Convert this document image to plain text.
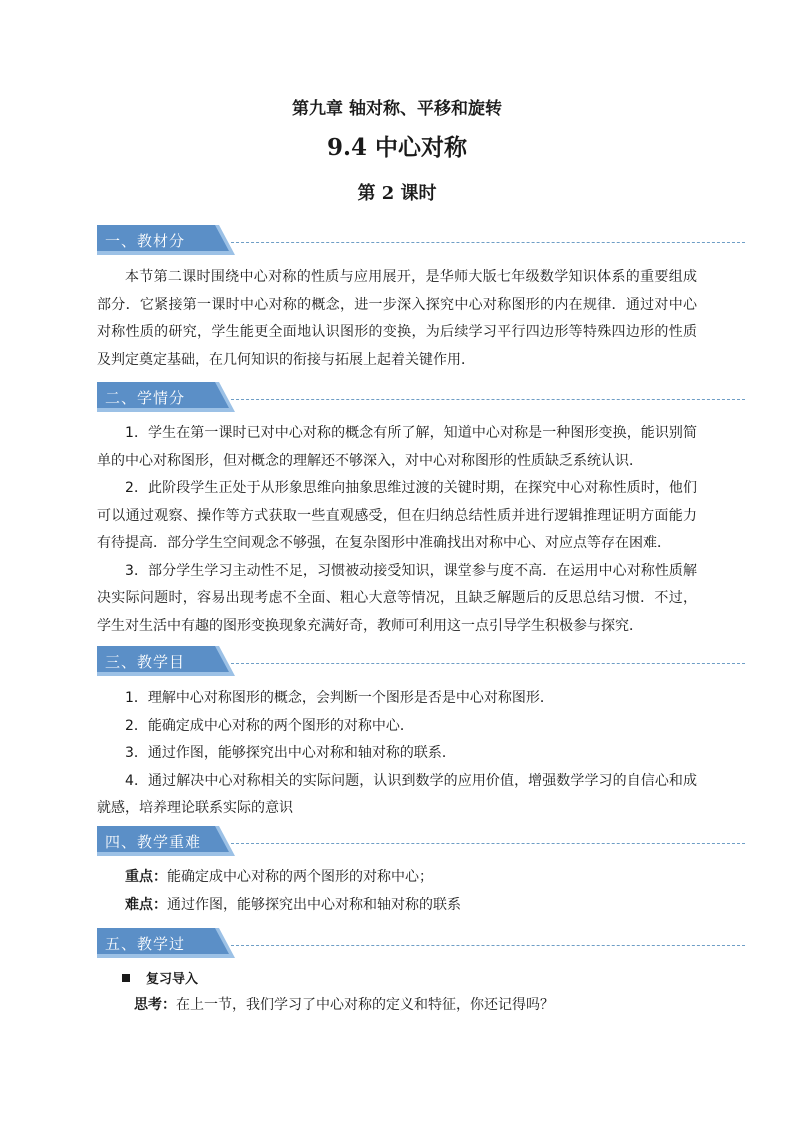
第九章 轴对称、平移和旋转
9.4 中心对称
第 2 课时
一、教材分

本节第二课时围绕中心对称的性质与应用展开，是华师大版七年级数学知识体系的重要组成部分．它紧接第一课时中心对称的概念，进一步深入探究中心对称图形的内在规律．通过对中心对称性质的研究，学生能更全面地认识图形的变换，为后续学习平行四边形等特殊四边形的性质及判定奠定基础，在几何知识的衔接与拓展上起着关键作用．

二、学情分

1．学生在第一课时已对中心对称的概念有所了解，知道中心对称是一种图形变换，能识别简单的中心对称图形，但对概念的理解还不够深入，对中心对称图形的性质缺乏系统认识．

2．此阶段学生正处于从形象思维向抽象思维过渡的关键时期，在探究中心对称性质时，他们可以通过观察、操作等方式获取一些直观感受，但在归纳总结性质并进行逻辑推理证明方面能力有待提高．部分学生空间观念不够强，在复杂图形中准确找出对称中心、对应点等存在困难．

3．部分学生学习主动性不足，习惯被动接受知识，课堂参与度不高．在运用中心对称性质解决实际问题时，容易出现考虑不全面、粗心大意等情况，且缺乏解题后的反思总结习惯．不过，学生对生活中有趣的图形变换现象充满好奇，教师可利用这一点引导学生积极参与探究．

三、教学目

1．理解中心对称图形的概念，会判断一个图形是否是中心对称图形．

2．能确定成中心对称的两个图形的对称中心．

3．通过作图，能够探究出中心对称和轴对称的联系．

4．通过解决中心对称相关的实际问题，认识到数学的应用价值，增强数学学习的自信心和成就感，培养理论联系实际的意识

四、教学重难

重点：能确定成中心对称的两个图形的对称中心；

难点：通过作图，能够探究出中心对称和轴对称的联系

五、教学过
复习导入
思考：在上一节，我们学习了中心对称的定义和特征，你还记得吗？
